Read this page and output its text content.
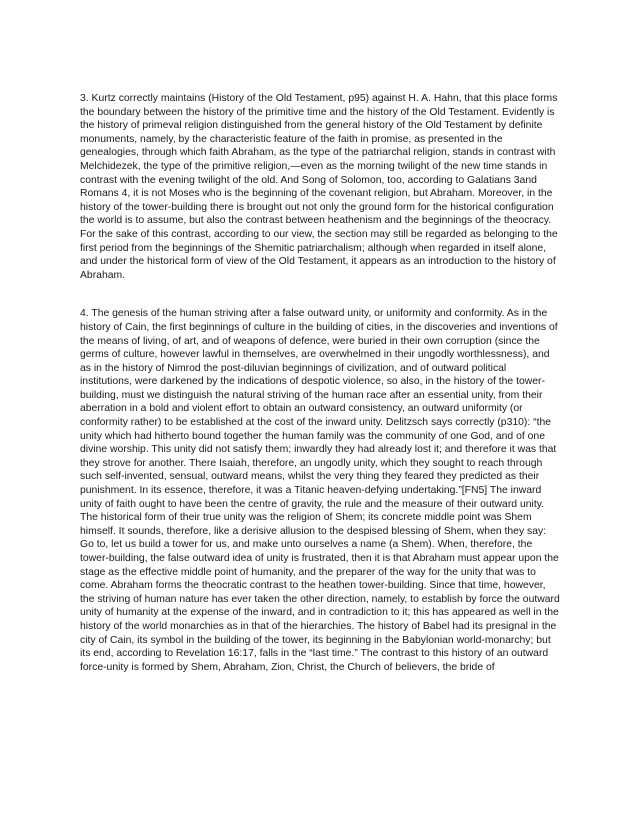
3. Kurtz correctly maintains (History of the Old Testament, p95) against H. A. Hahn, that this place forms the boundary between the history of the primitive time and the history of the Old Testament. Evidently is the history of primeval religion distinguished from the general history of the Old Testament by definite monuments, namely, by the characteristic feature of the faith in promise, as presented in the genealogies, through which faith Abraham, as the type of the patriarchal religion, stands in contrast with Melchidezek, the type of the primitive religion,—even as the morning twilight of the new time stands in contrast with the evening twilight of the old. And Song of Solomon, too, according to Galatians 3and Romans 4, it is not Moses who is the beginning of the covenant religion, but Abraham. Moreover, in the history of the tower-building there is brought out not only the ground form for the historical configuration the world is to assume, but also the contrast between heathenism and the beginnings of the theocracy. For the sake of this contrast, according to our view, the section may still be regarded as belonging to the first period from the beginnings of the Shemitic patriarchalism; although when regarded in itself alone, and under the historical form of view of the Old Testament, it appears as an introduction to the history of Abraham.

4. The genesis of the human striving after a false outward unity, or uniformity and conformity. As in the history of Cain, the first beginnings of culture in the building of cities, in the discoveries and inventions of the means of living, of art, and of weapons of defence, were buried in their own corruption (since the germs of culture, however lawful in themselves, are overwhelmed in their ungodly worthlessness), and as in the history of Nimrod the post-diluvian beginnings of civilization, and of outward political institutions, were darkened by the indications of despotic violence, so also, in the history of the tower-building, must we distinguish the natural striving of the human race after an essential unity, from their aberration in a bold and violent effort to obtain an outward consistency, an outward uniformity (or conformity rather) to be established at the cost of the inward unity. Delitzsch says correctly (p310): “the unity which had hitherto bound together the human family was the community of one God, and of one divine worship. This unity did not satisfy them; inwardly they had already lost it; and therefore it was that they strove for another. There Isaiah, therefore, an ungodly unity, which they sought to reach through such self-invented, sensual, outward means, whilst the very thing they feared they predicted as their punishment. In its essence, therefore, it was a Titanic heaven-defying undertaking.”[FN5] The inward unity of faith ought to have been the centre of gravity, the rule and the measure of their outward unity. The historical form of their true unity was the religion of Shem; its concrete middle point was Shem himself. It sounds, therefore, like a derisive allusion to the despised blessing of Shem, when they say: Go to, let us build a tower for us, and make unto ourselves a name (a Shem). When, therefore, the tower-building, the false outward idea of unity is frustrated, then it is that Abraham must appear upon the stage as the effective middle point of humanity, and the preparer of the way for the unity that was to come. Abraham forms the theocratic contrast to the heathen tower-building. Since that time, however, the striving of human nature has ever taken the other direction, namely, to establish by force the outward unity of humanity at the expense of the inward, and in contradiction to it; this has appeared as well in the history of the world monarchies as in that of the hierarchies. The history of Babel had its presignal in the city of Cain, its symbol in the building of the tower, its beginning in the Babylonian world-monarchy; but its end, according to Revelation 16:17, falls in the “last time.” The contrast to this history of an outward force-unity is formed by Shem, Abraham, Zion, Christ, the Church of believers, the bride of
